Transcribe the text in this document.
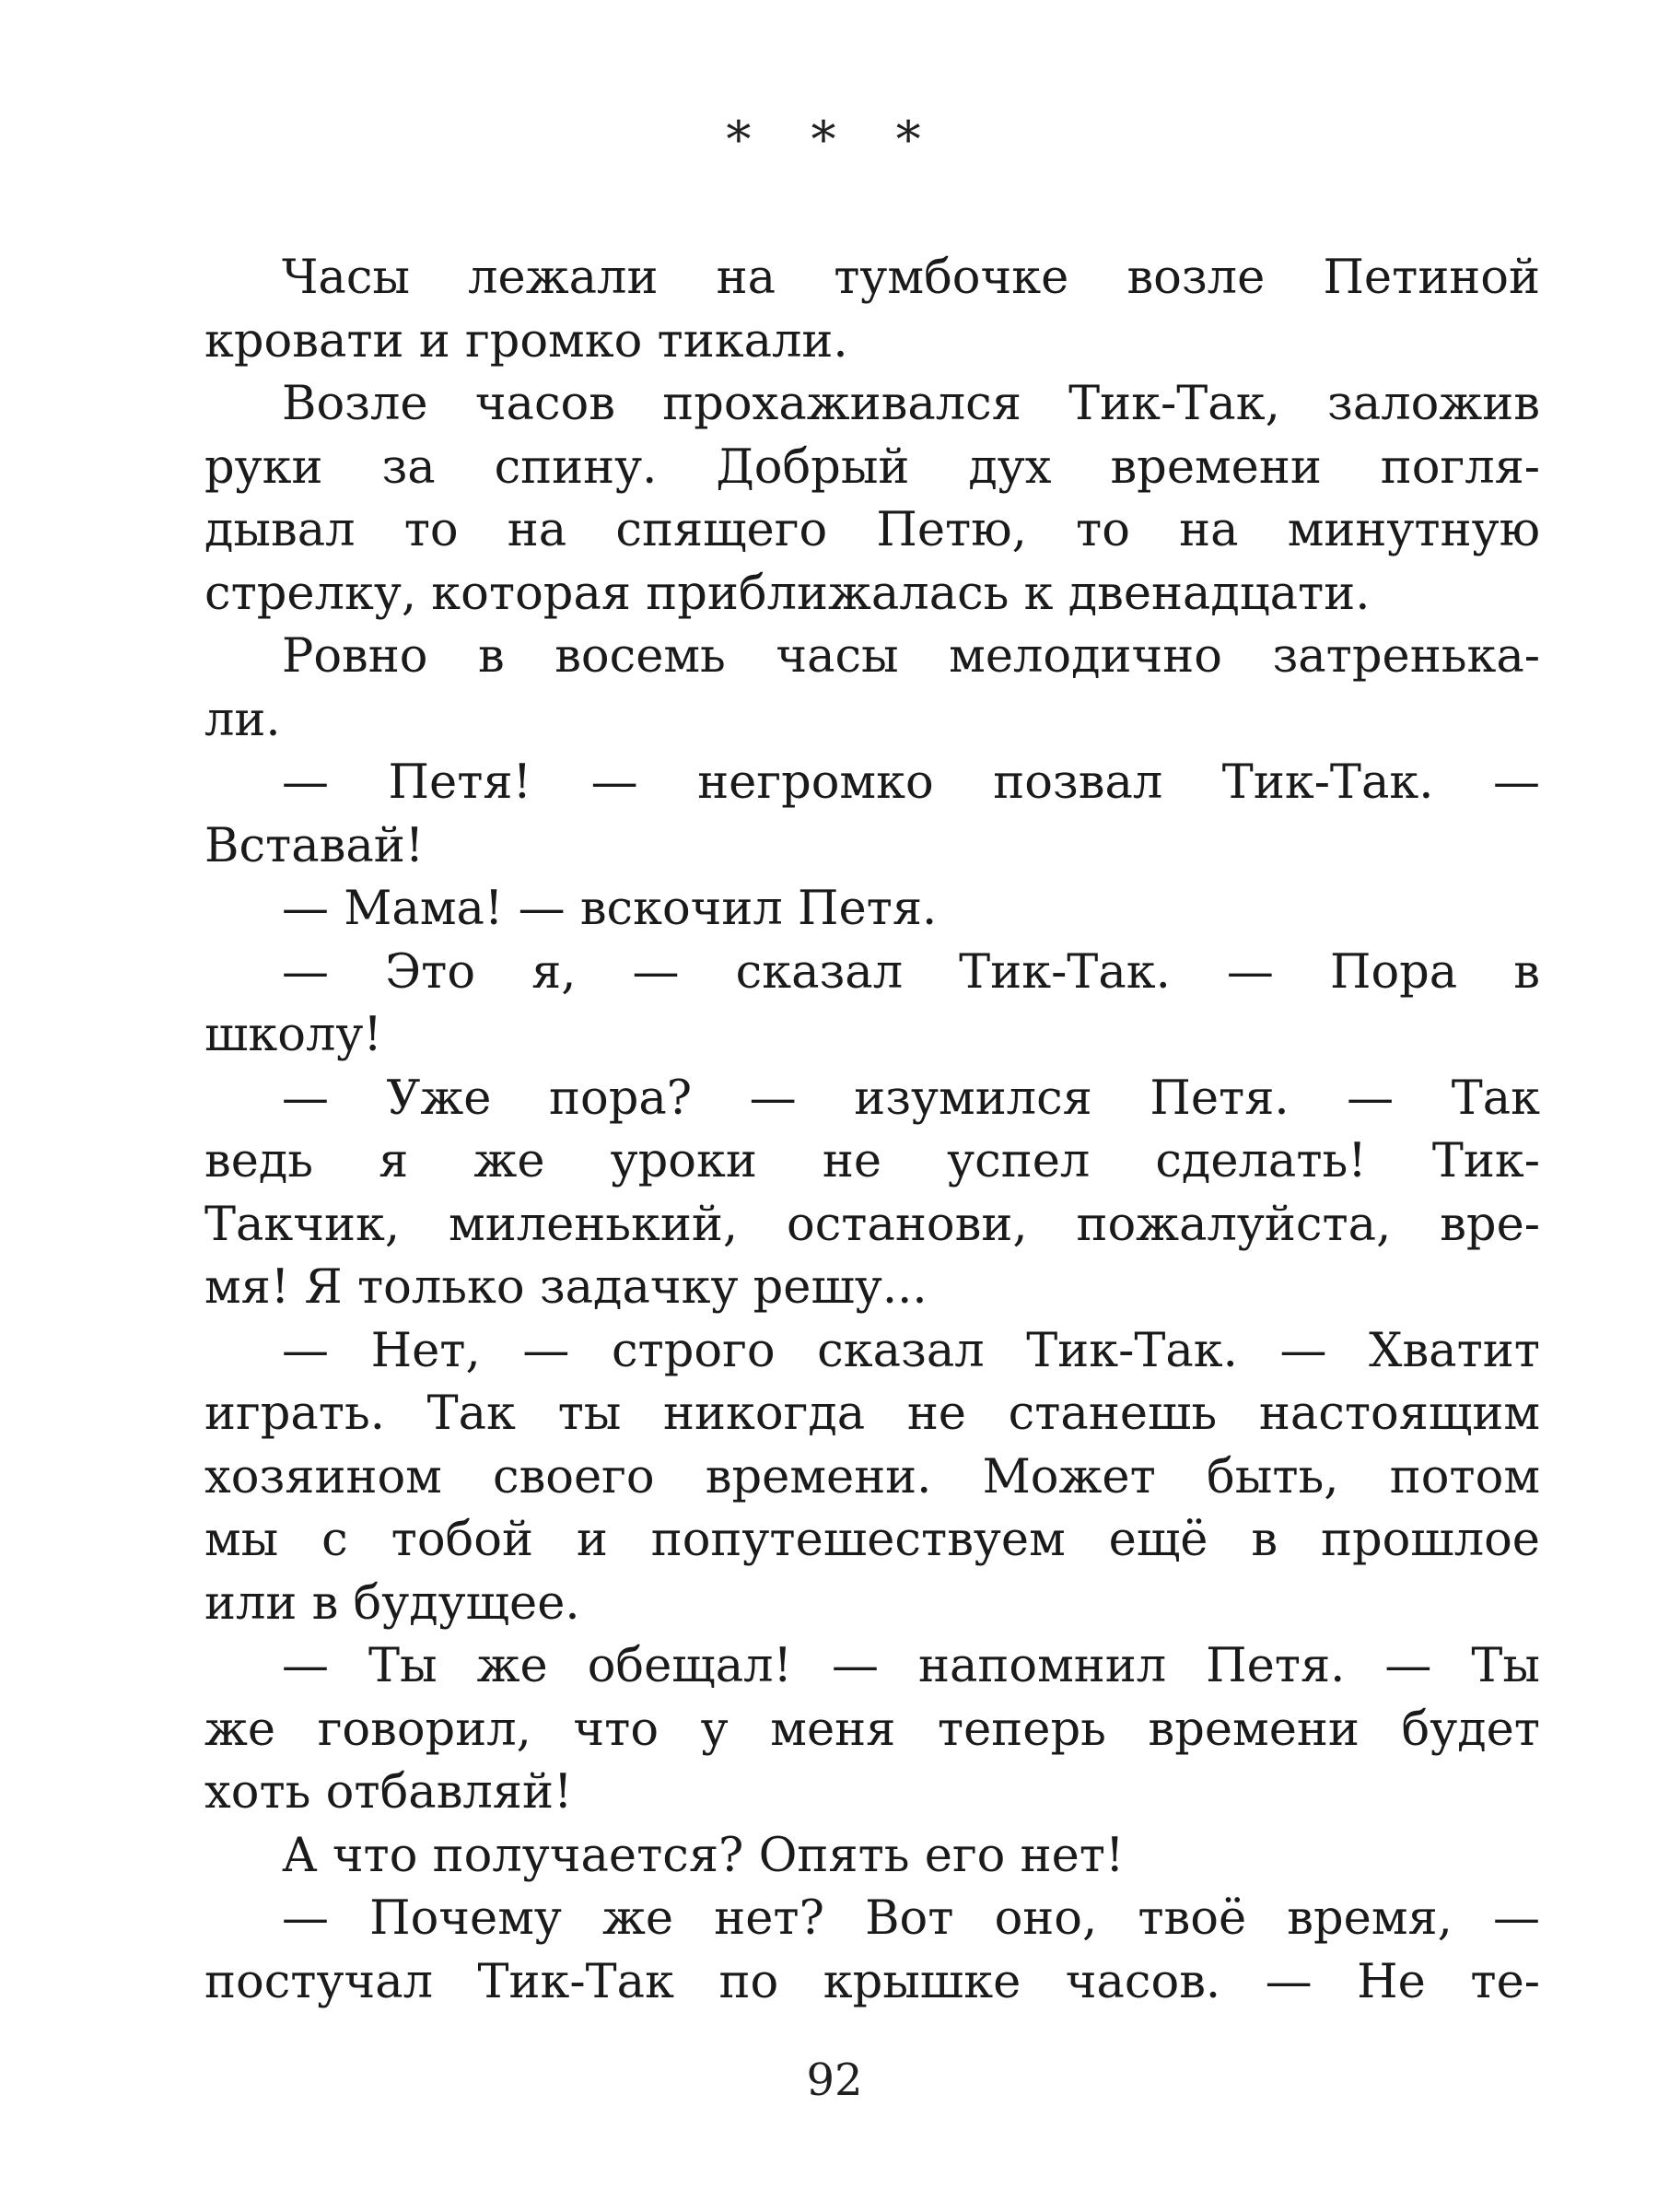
* * *
Часы лежали на тумбочке возле Петиной
кровати и громко тикали.
Возле часов прохаживался Тик-Так, заложив
руки за спину. Добрый дух времени погля-
дывал то на спящего Петю, то на минутную
стрелку, которая приближалась к двенадцати.
Ровно в восемь часы мелодично затренька-
ли.
— Петя! — негромко позвал Тик-Так. —
Вставай!
— Мама! — вскочил Петя.
— Это я, — сказал Тик-Так. — Пора в
школу!
— Уже пора? — изумился Петя. — Так
ведь я же уроки не успел сделать! Тик-
Такчик, миленький, останови, пожалуйста, вре-
мя! Я только задачку решу...
— Нет, — строго сказал Тик-Так. — Хватит
играть. Так ты никогда не станешь настоящим
хозяином своего времени. Может быть, потом
мы с тобой и попутешествуем ещё в прошлое
или в будущее.
— Ты же обещал! — напомнил Петя. — Ты
же говорил, что у меня теперь времени будет
хоть отбавляй!
А что получается? Опять его нет!
— Почему же нет? Вот оно, твоё время, —
постучал Тик-Так по крышке часов. — Не те-
92
